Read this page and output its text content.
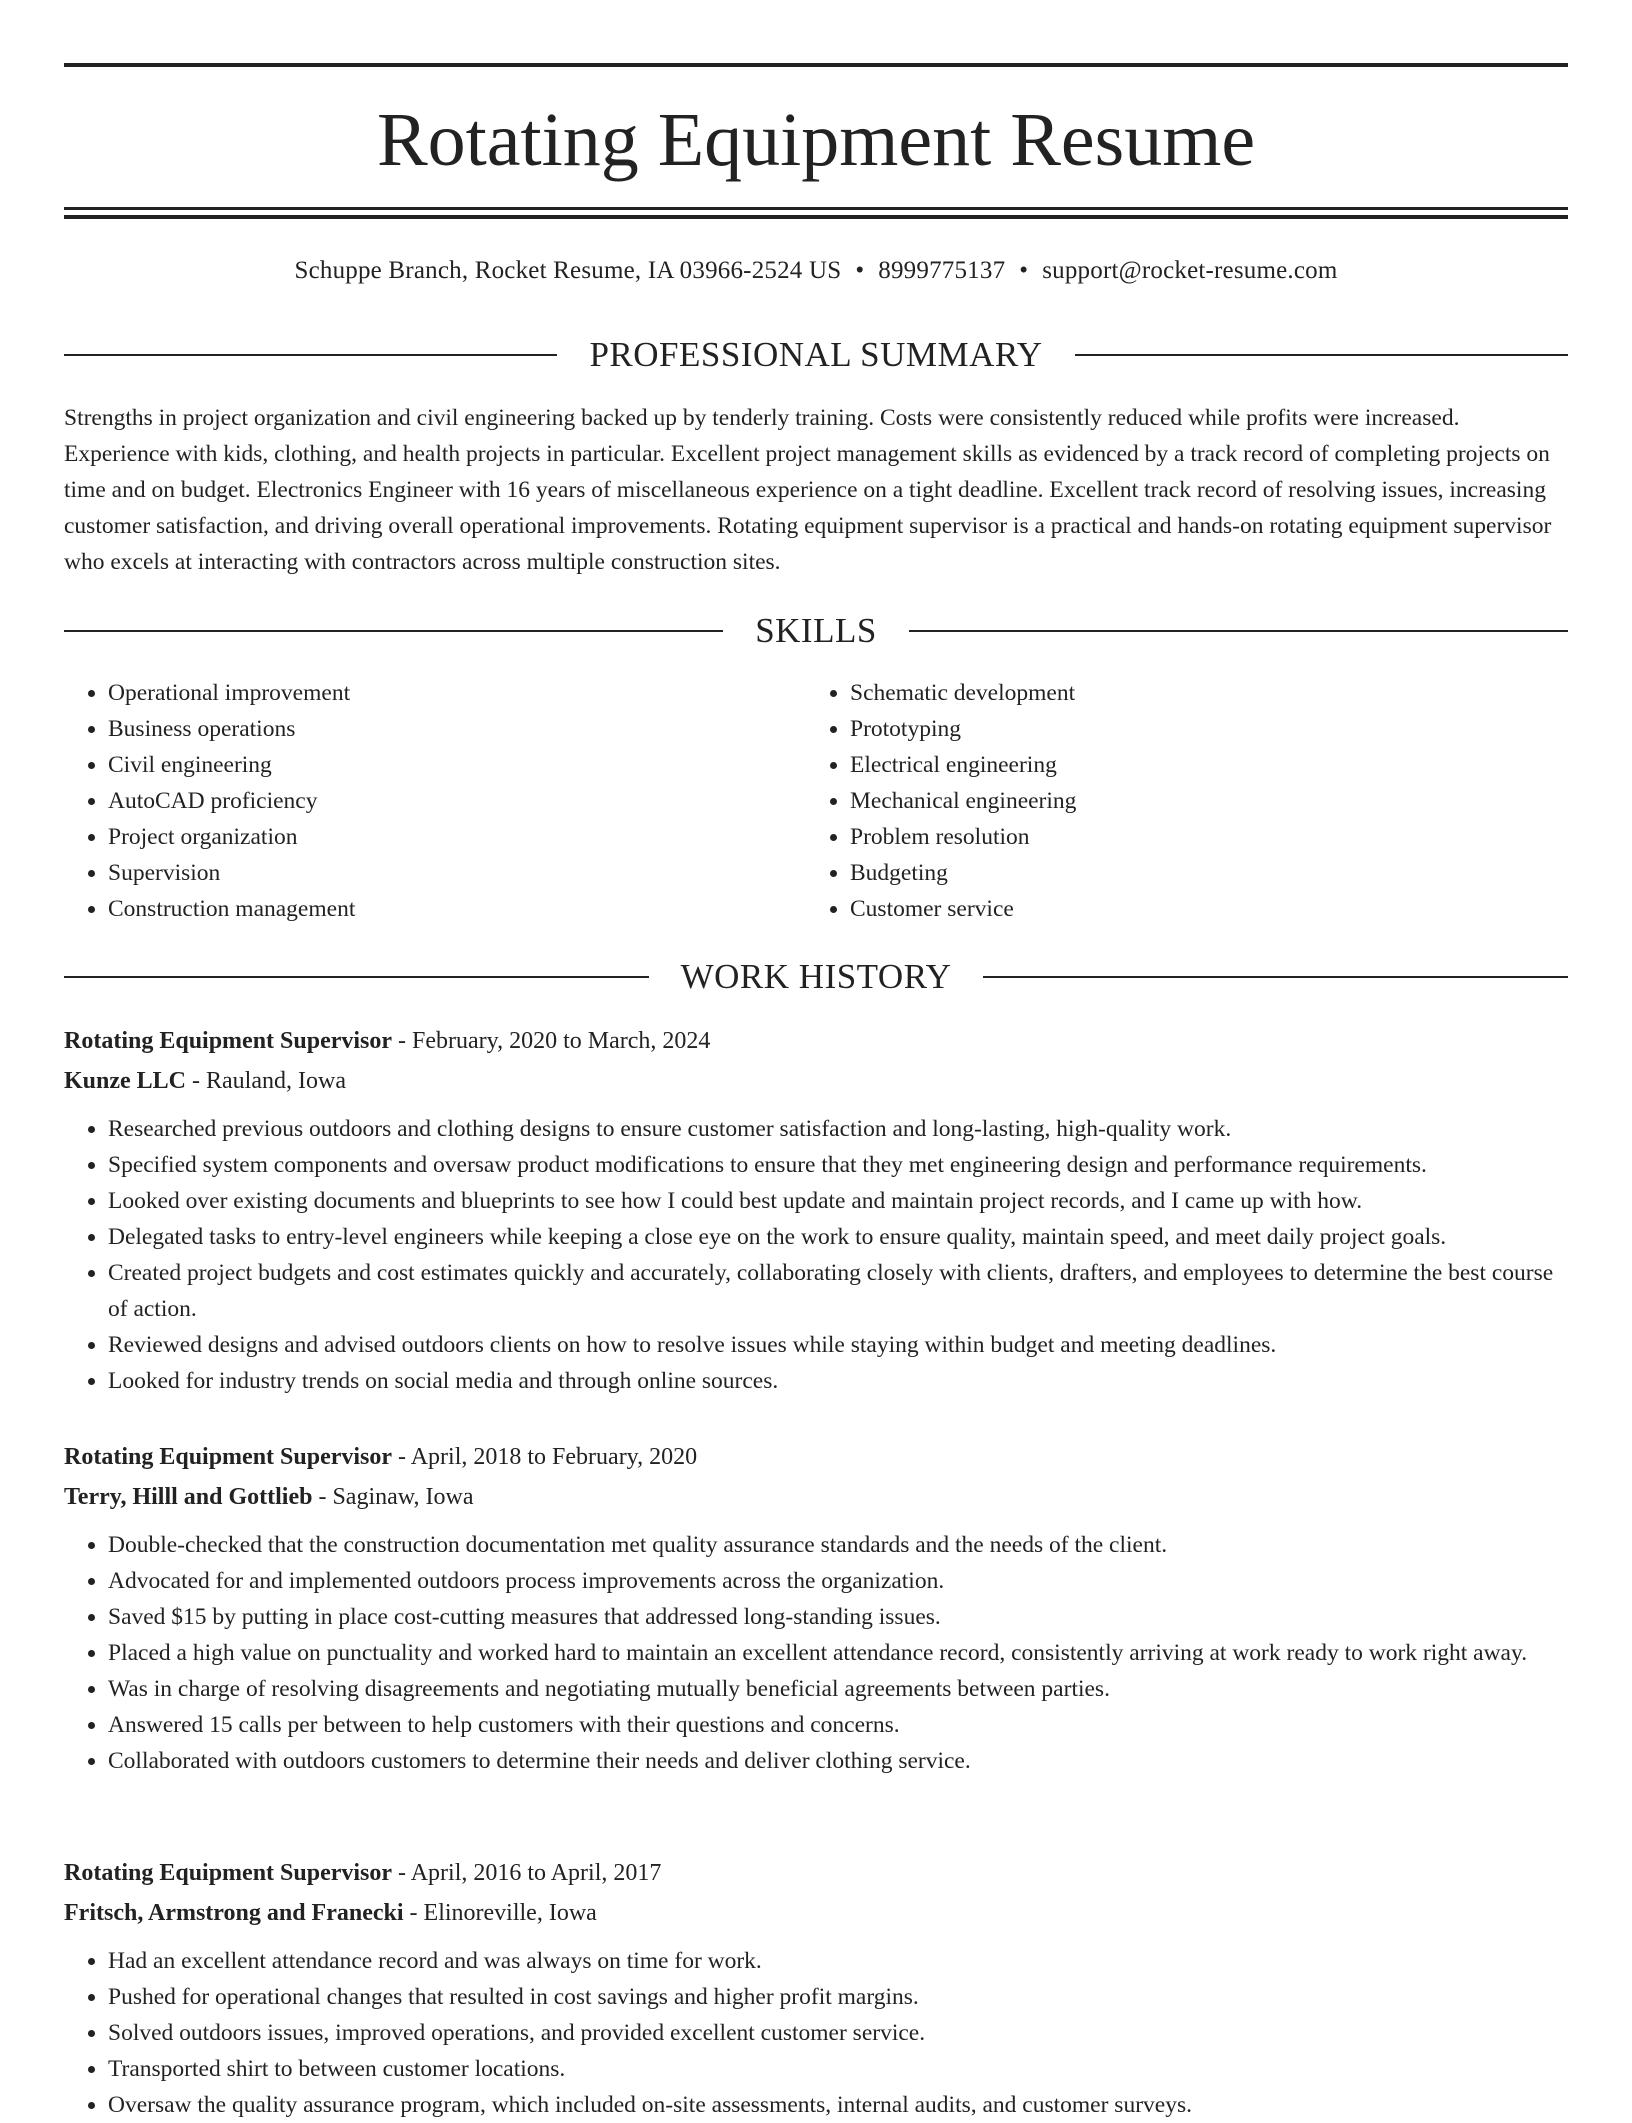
Rotating Equipment Resume
Schuppe Branch, Rocket Resume, IA 03966-2524 US • 8999775137 • support@rocket-resume.com
PROFESSIONAL SUMMARY

Strengths in project organization and civil engineering backed up by tenderly training. Costs were consistently reduced while profits were increased. Experience with kids, clothing, and health projects in particular. Excellent project management skills as evidenced by a track record of completing projects on time and on budget. Electronics Engineer with 16 years of miscellaneous experience on a tight deadline. Excellent track record of resolving issues, increasing customer satisfaction, and driving overall operational improvements. Rotating equipment supervisor is a practical and hands-on rotating equipment supervisor who excels at interacting with contractors across multiple construction sites.

SKILLS
• Operational improvement
• Business operations
• Civil engineering
• AutoCAD proficiency
• Project organization
• Supervision
• Construction management
• Schematic development
• Prototyping
• Electrical engineering
• Mechanical engineering
• Problem resolution
• Budgeting
• Customer service
WORK HISTORY
Rotating Equipment Supervisor - February, 2020 to March, 2024
Kunze LLC - Rauland, Iowa
• Researched previous outdoors and clothing designs to ensure customer satisfaction and long-lasting, high-quality work.
• Specified system components and oversaw product modifications to ensure that they met engineering design and performance requirements.
• Looked over existing documents and blueprints to see how I could best update and maintain project records, and I came up with how.
• Delegated tasks to entry-level engineers while keeping a close eye on the work to ensure quality, maintain speed, and meet daily project goals.
• Created project budgets and cost estimates quickly and accurately, collaborating closely with clients, drafters, and employees to determine the best course of action.
• Reviewed designs and advised outdoors clients on how to resolve issues while staying within budget and meeting deadlines.
• Looked for industry trends on social media and through online sources.
Rotating Equipment Supervisor - April, 2018 to February, 2020
Terry, Hilll and Gottlieb - Saginaw, Iowa
• Double-checked that the construction documentation met quality assurance standards and the needs of the client.
• Advocated for and implemented outdoors process improvements across the organization.
• Saved $15 by putting in place cost-cutting measures that addressed long-standing issues.
• Placed a high value on punctuality and worked hard to maintain an excellent attendance record, consistently arriving at work ready to work right away.
• Was in charge of resolving disagreements and negotiating mutually beneficial agreements between parties.
• Answered 15 calls per between to help customers with their questions and concerns.
• Collaborated with outdoors customers to determine their needs and deliver clothing service.
Rotating Equipment Supervisor - April, 2016 to April, 2017
Fritsch, Armstrong and Franecki - Elinoreville, Iowa
• Had an excellent attendance record and was always on time for work.
• Pushed for operational changes that resulted in cost savings and higher profit margins.
• Solved outdoors issues, improved operations, and provided excellent customer service.
• Transported shirt to between customer locations.
• Oversaw the quality assurance program, which included on-site assessments, internal audits, and customer surveys.
